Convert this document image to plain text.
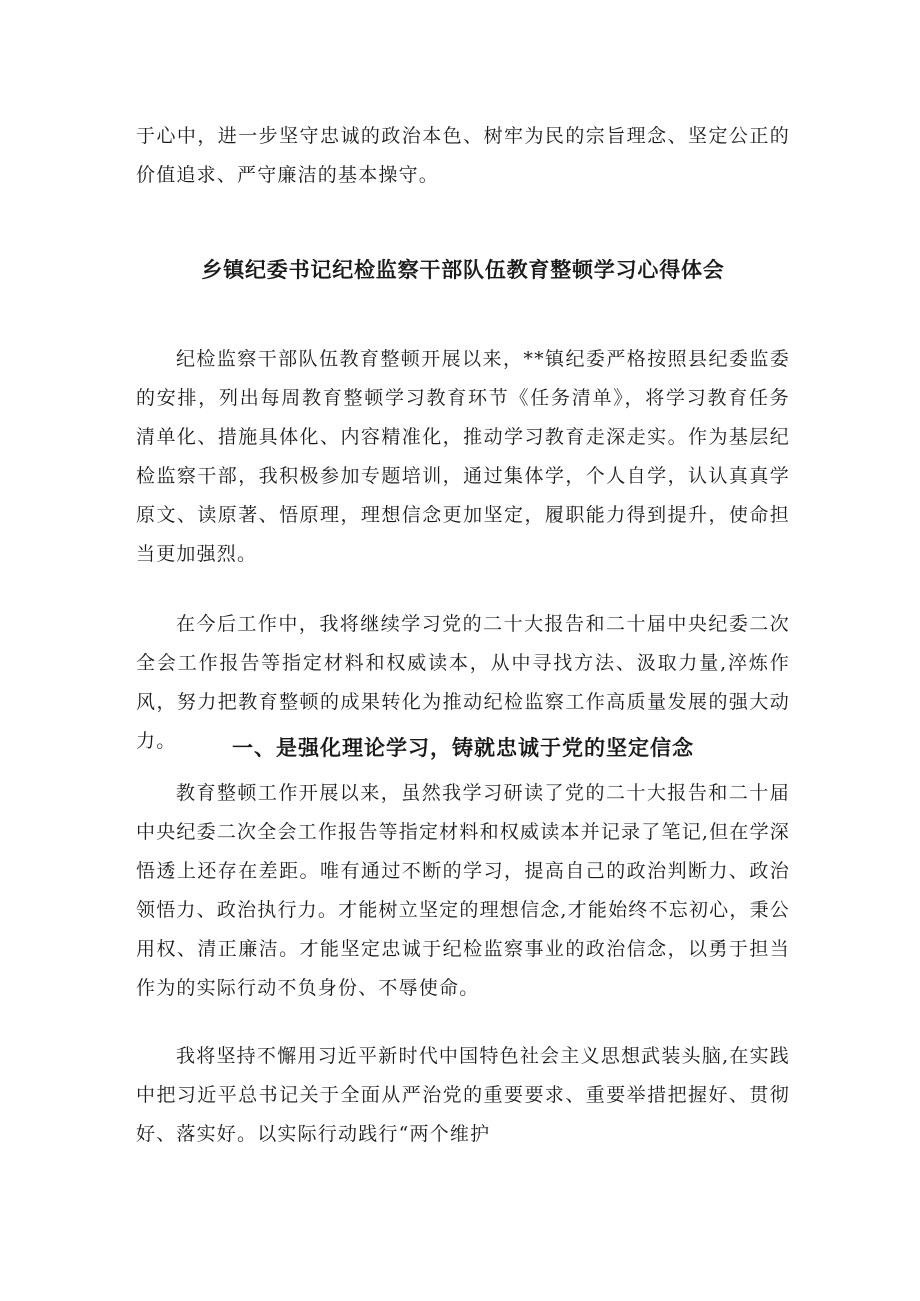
于心中，进一步坚守忠诚的政治本色、树牢为民的宗旨理念、坚定公正的价值追求、严守廉洁的基本操守。

乡镇纪委书记纪检监察干部队伍教育整顿学习心得体会

纪检监察干部队伍教育整顿开展以来，**镇纪委严格按照县纪委监委的安排，列出每周教育整顿学习教育环节《任务清单》，将学习教育任务清单化、措施具体化、内容精准化，推动学习教育走深走实。作为基层纪检监察干部，我积极参加专题培训，通过集体学，个人自学，认认真真学原文、读原著、悟原理，理想信念更加坚定，履职能力得到提升，使命担当更加强烈。

在今后工作中，我将继续学习党的二十大报告和二十届中央纪委二次全会工作报告等指定材料和权威读本，从中寻找方法、汲取力量,淬炼作风，努力把教育整顿的成果转化为推动纪检监察工作高质量发展的强大动力。	一、是强化理论学习，铸就忠诚于党的坚定信念

教育整顿工作开展以来，虽然我学习研读了党的二十大报告和二十届中央纪委二次全会工作报告等指定材料和权威读本并记录了笔记,但在学深悟透上还存在差距。唯有通过不断的学习，提高自己的政治判断力、政治领悟力、政治执行力。才能树立坚定的理想信念,才能始终不忘初心，秉公用权、清正廉洁。才能坚定忠诚于纪检监察事业的政治信念，以勇于担当作为的实际行动不负身份、不辱使命。

我将坚持不懈用习近平新时代中国特色社会主义思想武装头脑,在实践中把习近平总书记关于全面从严治党的重要要求、重要举措把握好、贯彻好、落实好。以实际行动践行“两个维护
